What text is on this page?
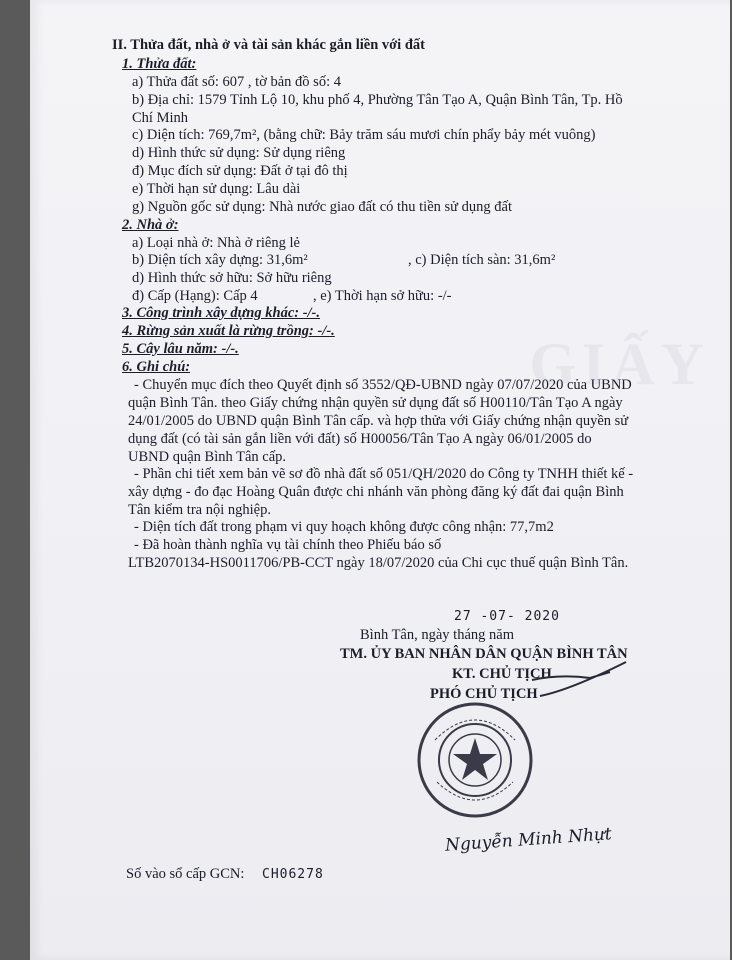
GIẤY
II. Thửa đất, nhà ở và tài sản khác gắn liền với đất
1. Thửa đất:
a) Thửa đất số: 607 , tờ bản đồ số: 4
b) Địa chỉ: 1579 Tỉnh Lộ 10, khu phố 4, Phường Tân Tạo A, Quận Bình Tân, Tp. Hồ
Chí Minh
c) Diện tích: 769,7m², (bằng chữ: Bảy trăm sáu mươi chín phẩy bảy mét vuông)
d) Hình thức sử dụng: Sử dụng riêng
đ) Mục đích sử dụng: Đất ở tại đô thị
e) Thời hạn sử dụng: Lâu dài
g) Nguồn gốc sử dụng: Nhà nước giao đất có thu tiền sử dụng đất
2. Nhà ở:
a) Loại nhà ở: Nhà ở riêng lẻ
b) Diện tích xây dựng: 31,6m²	, c) Diện tích sàn: 31,6m²
d) Hình thức sở hữu: Sở hữu riêng
đ) Cấp (Hạng): Cấp 4	, e) Thời hạn sở hữu: -/-
3. Công trình xây dựng khác: -/-.
4. Rừng sản xuất là rừng trồng: -/-.
5. Cây lâu năm: -/-.
6. Ghi chú:
- Chuyển mục đích theo Quyết định số 3552/QĐ-UBND ngày 07/07/2020 của UBND
quận Bình Tân. theo Giấy chứng nhận quyền sử dụng đất số H00110/Tân Tạo A ngày
24/01/2005 do UBND quận Bình Tân cấp. và hợp thửa với Giấy chứng nhận quyền sử
dụng đất (có tài sản gắn liền với đất) số H00056/Tân Tạo A ngày 06/01/2005 do
UBND quận Bình Tân cấp.
- Phần chi tiết xem bản vẽ sơ đồ nhà đất số 051/QH/2020 do Công ty TNHH thiết kế -
xây dựng - đo đạc Hoàng Quân được chi nhánh văn phòng đăng ký đất đai quận Bình
Tân kiểm tra nội nghiệp.
- Diện tích đất trong phạm vi quy hoạch không được công nhận: 77,7m2
- Đã hoàn thành nghĩa vụ tài chính theo Phiếu báo số
LTB2070134-HS0011706/PB-CCT ngày 18/07/2020 của Chi cục thuế quận Bình Tân.
27 -07- 2020
Bình Tân, ngày tháng năm
TM. ỦY BAN NHÂN DÂN QUẬN BÌNH TÂN
KT. CHỦ TỊCH
PHÓ CHỦ TỊCH
Nguyễn Minh Nhựt
Số vào sổ cấp GCN: CH06278
